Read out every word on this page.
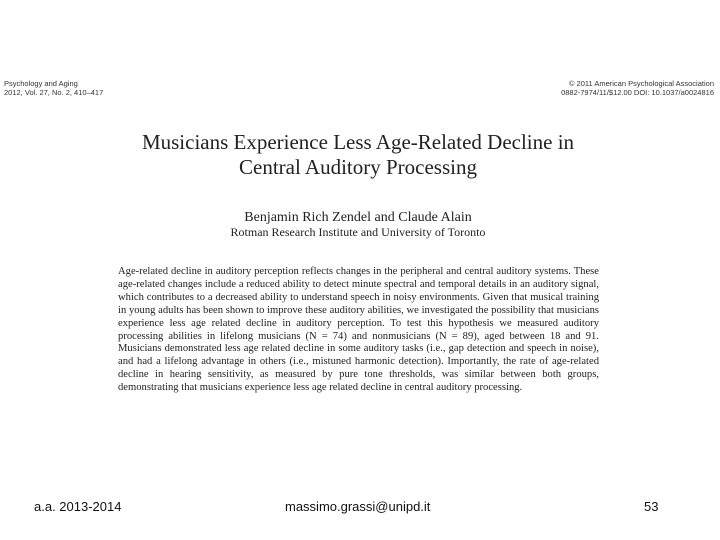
Psychology and Aging
2012, Vol. 27, No. 2, 410–417
© 2011 American Psychological Association
0882-7974/11/$12.00 DOI: 10.1037/a0024816
Musicians Experience Less Age-Related Decline in
Central Auditory Processing
Benjamin Rich Zendel and Claude Alain
Rotman Research Institute and University of Toronto

Age-related decline in auditory perception reflects changes in the peripheral and central auditory systems. These age-related changes include a reduced ability to detect minute spectral and temporal details in an auditory signal, which contributes to a decreased ability to understand speech in noisy environments. Given that musical training in young adults has been shown to improve these auditory abilities, we investigated the possibility that musicians experience less age related decline in auditory perception. To test this hypothesis we measured auditory processing abilities in lifelong musicians (N = 74) and nonmusicians (N = 89), aged between 18 and 91. Musicians demonstrated less age related decline in some auditory tasks (i.e., gap detection and speech in noise), and had a lifelong advantage in others (i.e., mistuned harmonic detection). Importantly, the rate of age-related decline in hearing sensitivity, as measured by pure tone thresholds, was similar between both groups, demonstrating that musicians experience less age related decline in central auditory processing.

a.a. 2013-2014	massimo.grassi@unipd.it	53
